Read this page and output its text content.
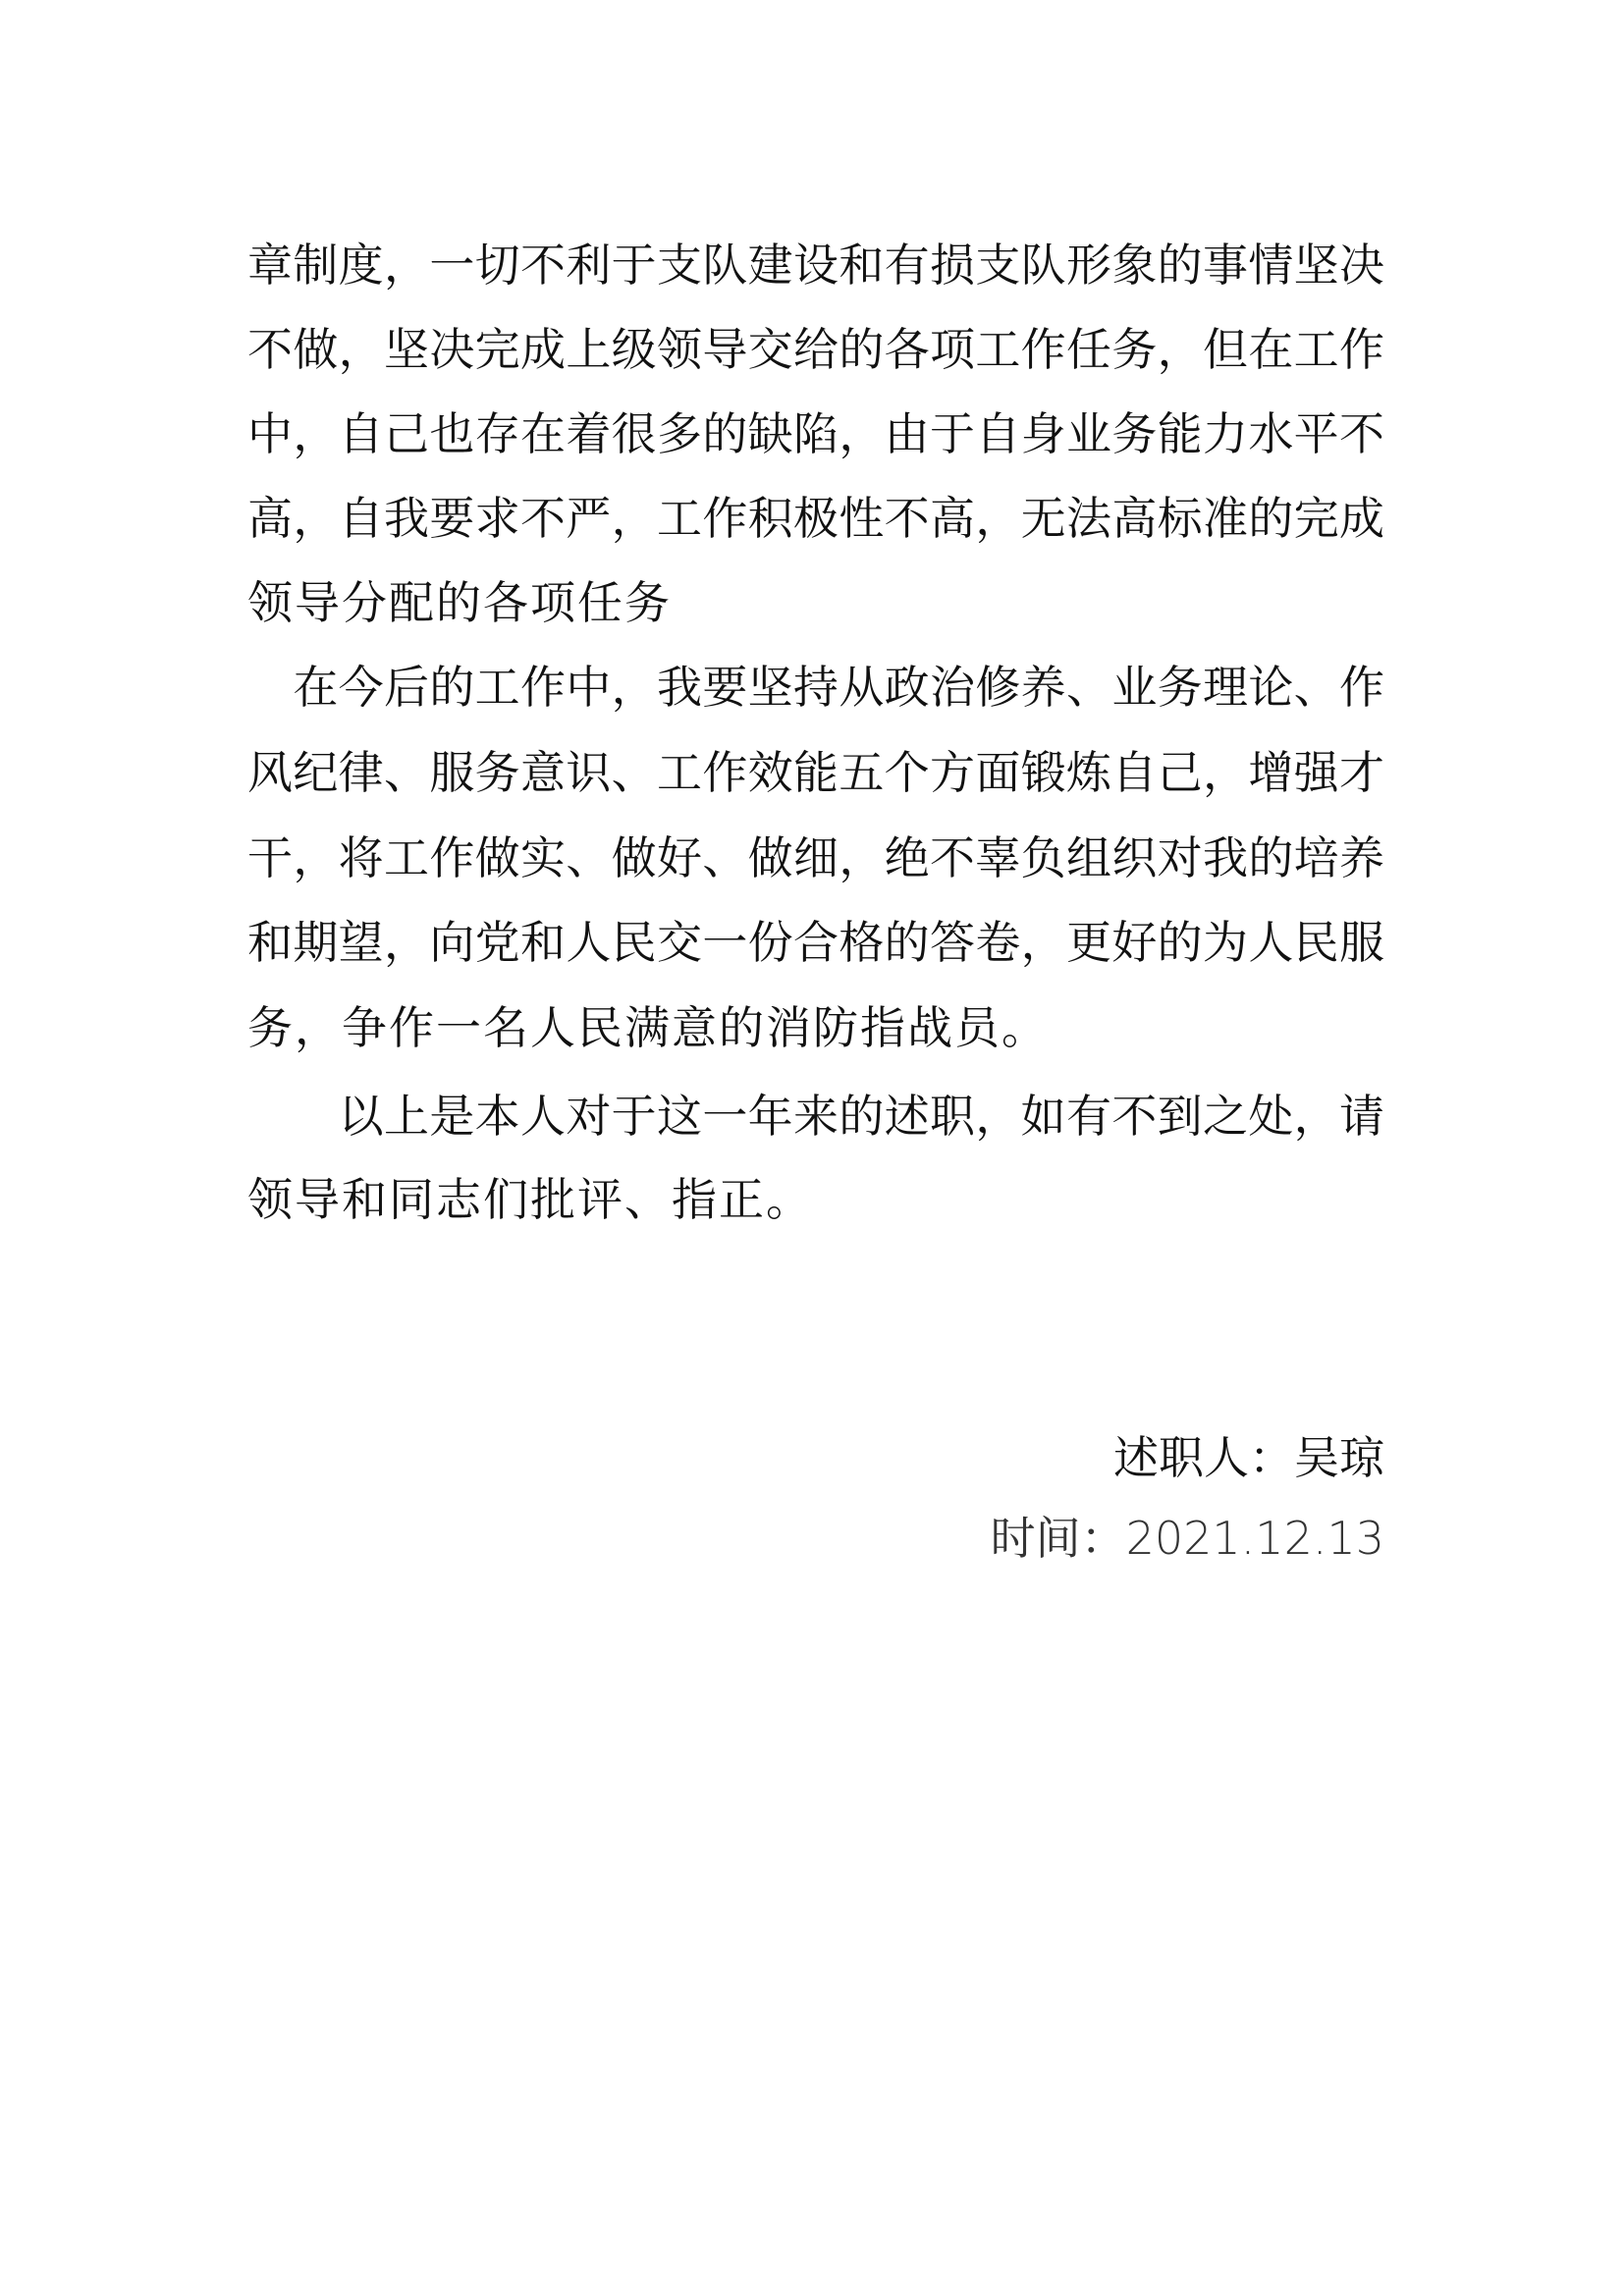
章制度，一切不利于支队建设和有损支队形象的事情坚决
不做，坚决完成上级领导交给的各项工作任务，但在工作
中，自己也存在着很多的缺陷，由于自身业务能力水平不
高，自我要求不严，工作积极性不高，无法高标准的完成
领导分配的各项任务
　在今后的工作中，我要坚持从政治修养、业务理论、作
风纪律、服务意识、工作效能五个方面锻炼自己，增强才
干，将工作做实、做好、做细，绝不辜负组织对我的培养
和期望，向党和人民交一份合格的答卷，更好的为人民服
务，争作一名人民满意的消防指战员。
　　以上是本人对于这一年来的述职，如有不到之处，请
领导和同志们批评、指正。
述职人：吴琼
时间：2021.12.13
